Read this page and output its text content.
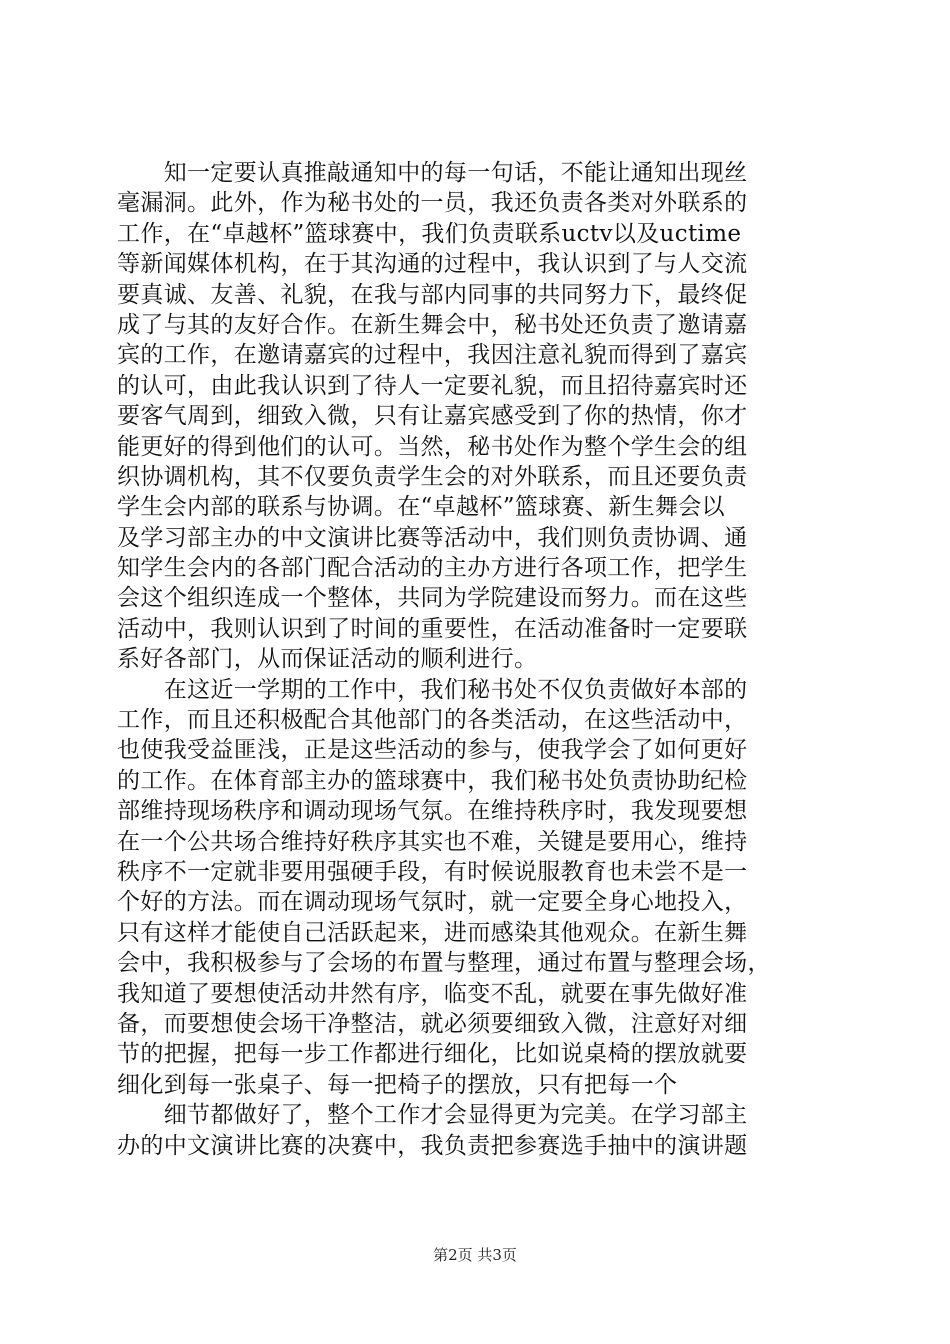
　　知一定要认真推敲通知中的每一句话，不能让通知出现丝
毫漏洞。此外，作为秘书处的一员，我还负责各类对外联系的
工作，在“卓越杯”篮球赛中，我们负责联系uctv以及uctime
等新闻媒体机构，在于其沟通的过程中，我认识到了与人交流
要真诚、友善、礼貌，在我与部内同事的共同努力下，最终促
成了与其的友好合作。在新生舞会中，秘书处还负责了邀请嘉
宾的工作，在邀请嘉宾的过程中，我因注意礼貌而得到了嘉宾
的认可，由此我认识到了待人一定要礼貌，而且招待嘉宾时还
要客气周到，细致入微，只有让嘉宾感受到了你的热情，你才
能更好的得到他们的认可。当然，秘书处作为整个学生会的组
织协调机构，其不仅要负责学生会的对外联系，而且还要负责
学生会内部的联系与协调。在“卓越杯”篮球赛、新生舞会以
及学习部主办的中文演讲比赛等活动中，我们则负责协调、通
知学生会内的各部门配合活动的主办方进行各项工作，把学生
会这个组织连成一个整体，共同为学院建设而努力。而在这些
活动中，我则认识到了时间的重要性，在活动准备时一定要联
系好各部门，从而保证活动的顺利进行。
　　在这近一学期的工作中，我们秘书处不仅负责做好本部的
工作，而且还积极配合其他部门的各类活动，在这些活动中，
也使我受益匪浅，正是这些活动的参与，使我学会了如何更好
的工作。在体育部主办的篮球赛中，我们秘书处负责协助纪检
部维持现场秩序和调动现场气氛。在维持秩序时，我发现要想
在一个公共场合维持好秩序其实也不难，关键是要用心，维持
秩序不一定就非要用强硬手段，有时候说服教育也未尝不是一
个好的方法。而在调动现场气氛时，就一定要全身心地投入，
只有这样才能使自己活跃起来，进而感染其他观众。在新生舞
会中，我积极参与了会场的布置与整理，通过布置与整理会场，
我知道了要想使活动井然有序，临变不乱，就要在事先做好准
备，而要想使会场干净整洁，就必须要细致入微，注意好对细
节的把握，把每一步工作都进行细化，比如说桌椅的摆放就要
细化到每一张桌子、每一把椅子的摆放，只有把每一个
　　细节都做好了，整个工作才会显得更为完美。在学习部主
办的中文演讲比赛的决赛中，我负责把参赛选手抽中的演讲题
第2页 共3页
